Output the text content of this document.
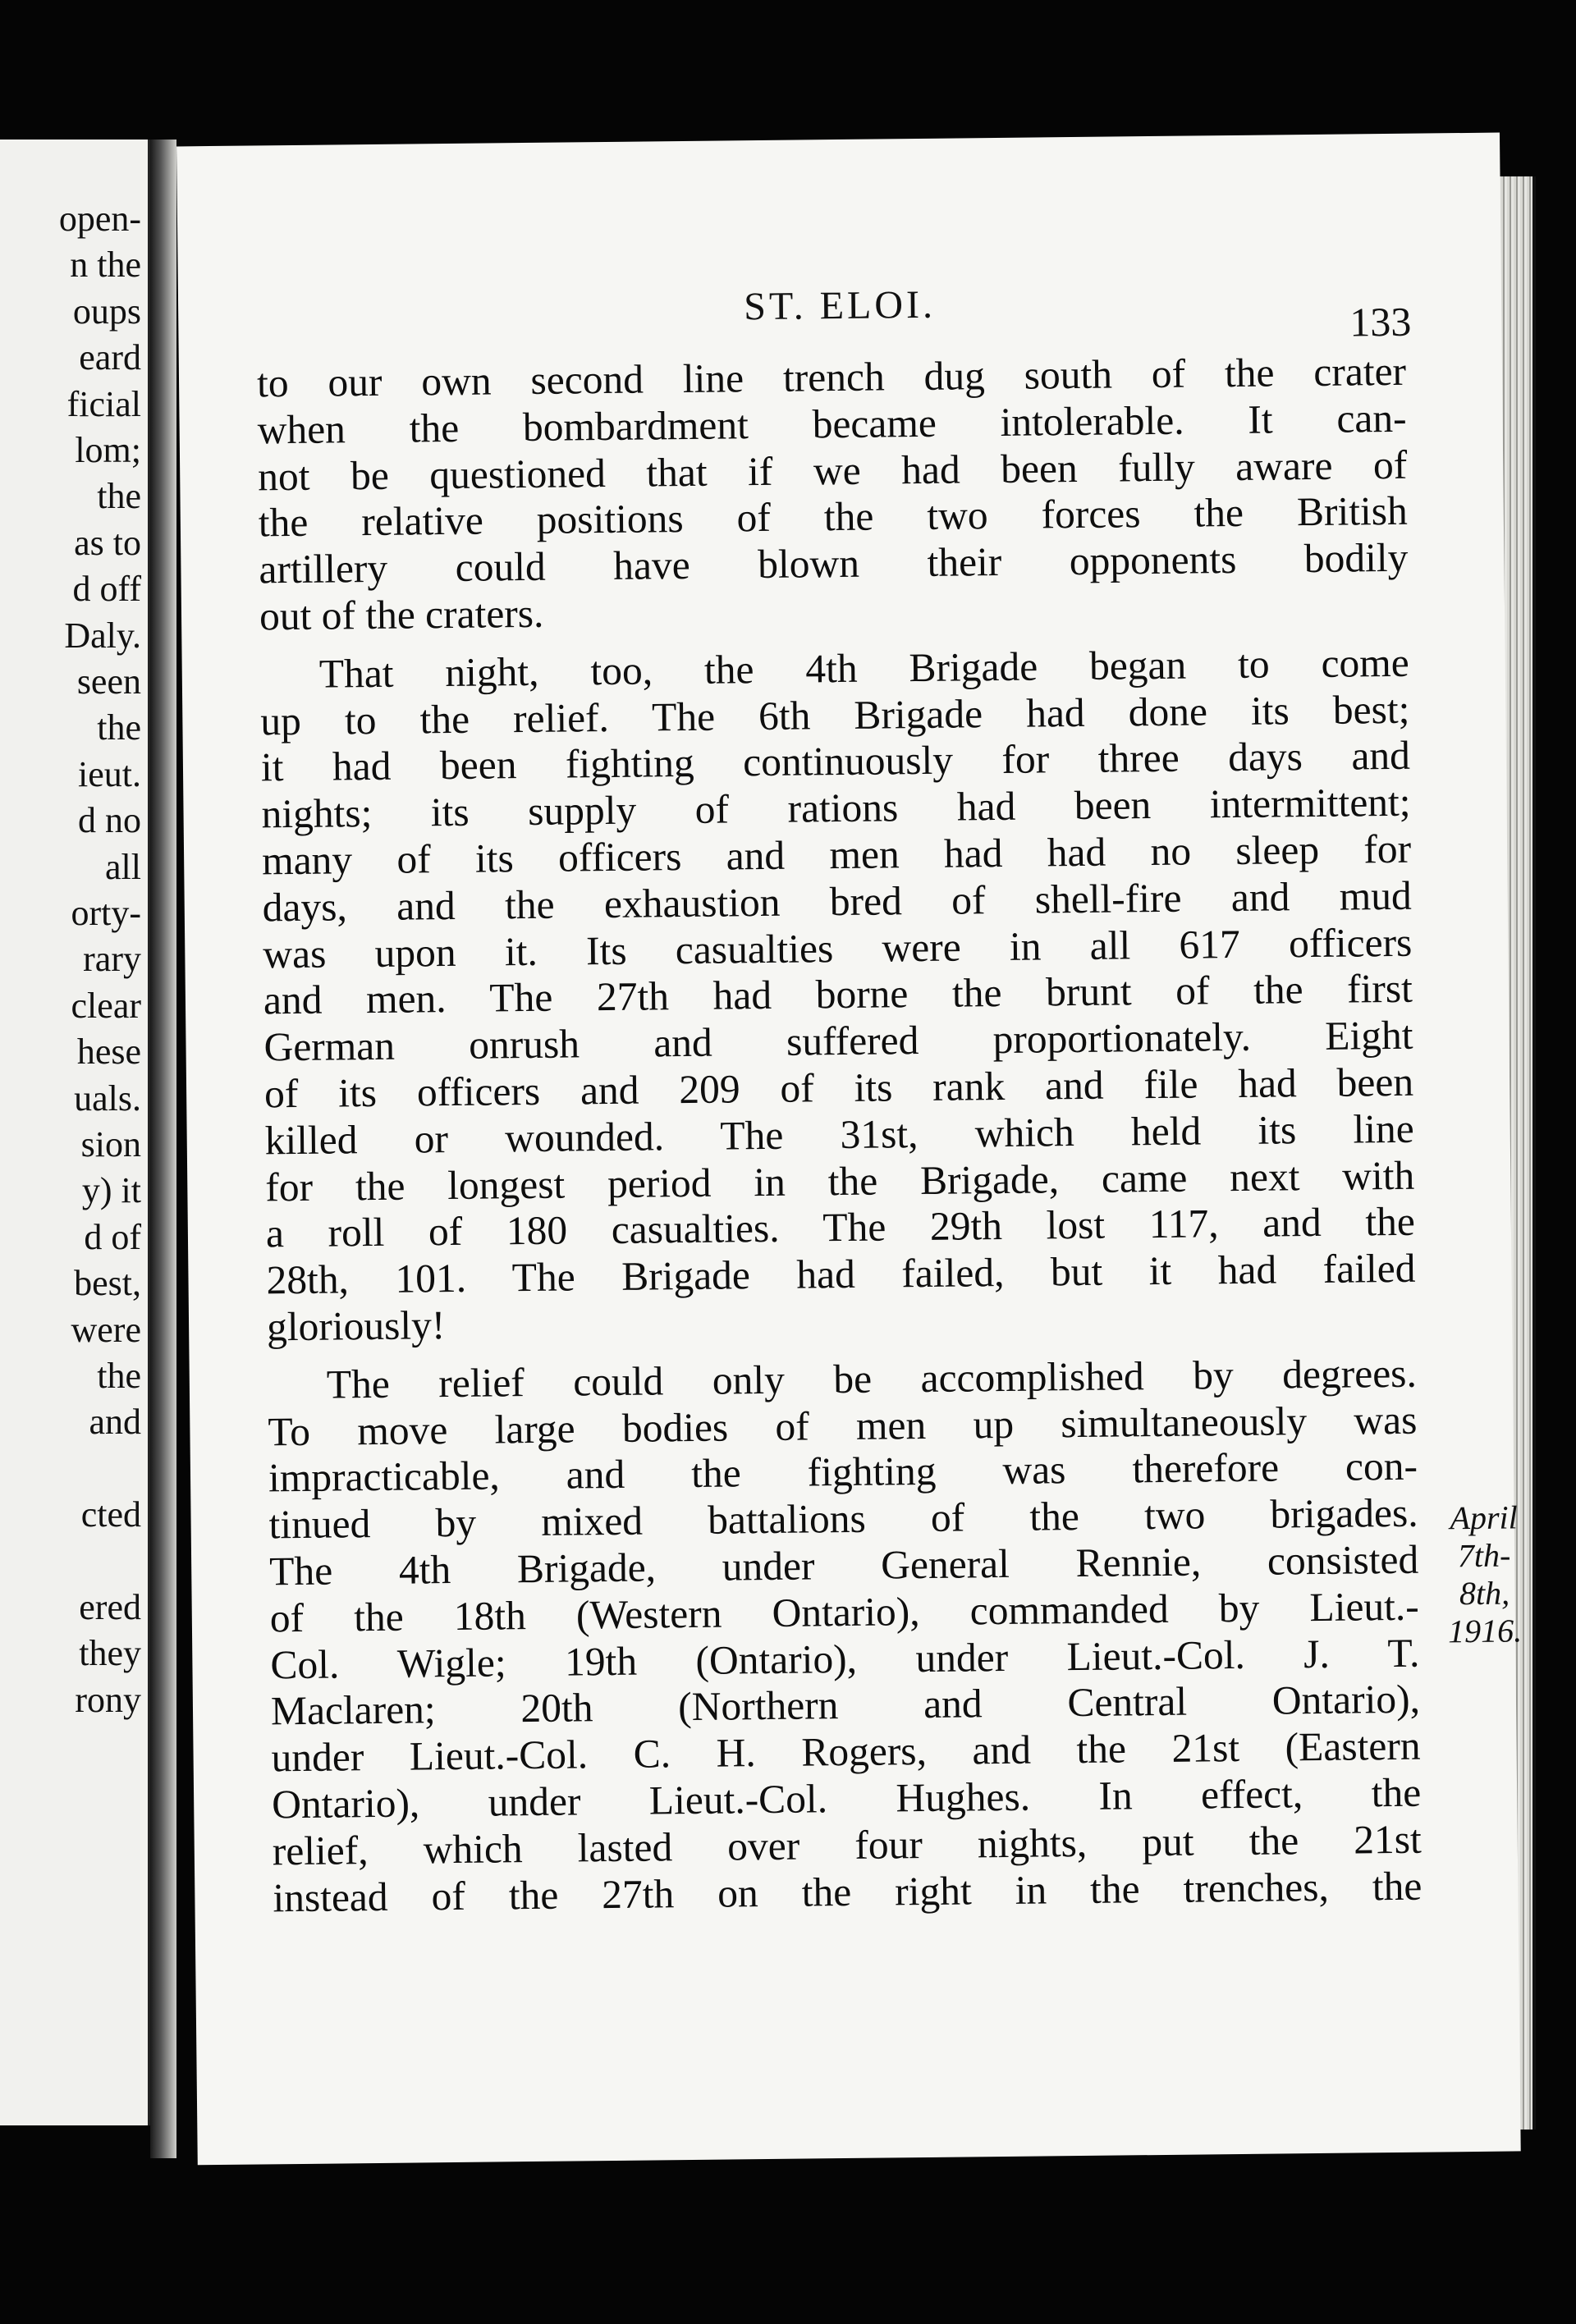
open-
n the
oups
eard
ficial
lom;
the
as to
d off
Daly.
seen
the
ieut.
d no
all
orty-
rary
clear
hese
uals.
sion
y) it
d of
best,
were
the
and
cted
ered
they
rony
ST. ELOI.	133
to our own second line trench dug south of the crater
when the bombardment became intolerable. It can-
not be questioned that if we had been fully aware of
the relative positions of the two forces the British
artillery could have blown their opponents bodily
out of the craters.
That night, too, the 4th Brigade began to come
up to the relief. The 6th Brigade had done its best;
it had been fighting continuously for three days and
nights; its supply of rations had been intermittent;
many of its officers and men had had no sleep for
days, and the exhaustion bred of shell-fire and mud
was upon it. Its casualties were in all 617 officers
and men. The 27th had borne the brunt of the first
German onrush and suffered proportionately. Eight
of its officers and 209 of its rank and file had been
killed or wounded. The 31st, which held its line
for the longest period in the Brigade, came next with
a roll of 180 casualties. The 29th lost 117, and the
28th, 101. The Brigade had failed, but it had failed
gloriously!
The relief could only be accomplished by degrees.
To move large bodies of men up simultaneously was
impracticable, and the fighting was therefore con-
tinued by mixed battalions of the two brigades.
The 4th Brigade, under General Rennie, consisted
of the 18th (Western Ontario), commanded by Lieut.-
Col. Wigle; 19th (Ontario), under Lieut.-Col. J. T.
Maclaren; 20th (Northern and Central Ontario),
under Lieut.-Col. C. H. Rogers, and the 21st (Eastern
Ontario), under Lieut.-Col. Hughes. In effect, the
relief, which lasted over four nights, put the 21st
instead of the 27th on the right in the trenches, the
April
7th-
8th,
1916.
